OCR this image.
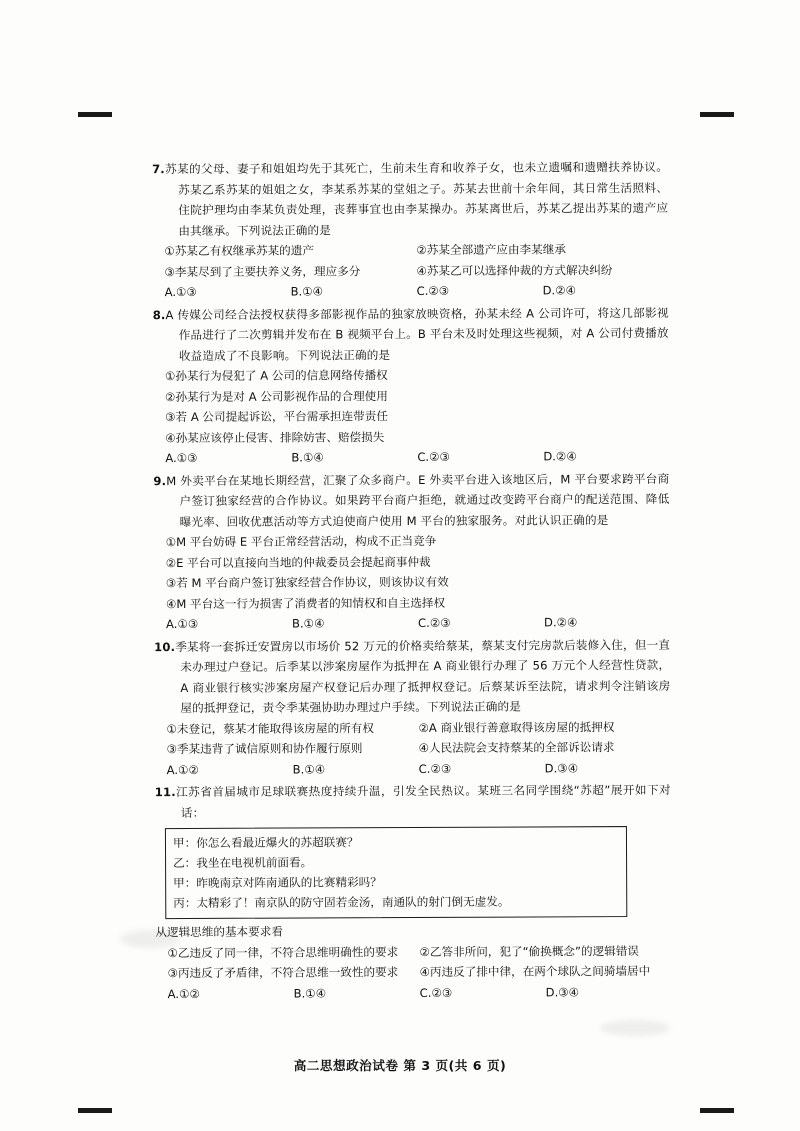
7.苏某的父母、妻子和姐姐均先于其死亡，生前未生育和收养子女，也未立遗嘱和遗赠扶养协议。苏某乙系苏某的姐姐之女，李某系苏某的堂姐之子。苏某去世前十余年间，其日常生活照料、住院护理均由李某负责处理，丧葬事宜也由李某操办。苏某离世后，苏某乙提出苏某的遗产应由其继承。下列说法正确的是
①苏某乙有权继承苏某的遗产	②苏某全部遗产应由李某继承
③李某尽到了主要扶养义务，理应多分	④苏某乙可以选择仲裁的方式解决纠纷
A.①③	B.①④	C.②③	D.②④
8.A 传媒公司经合法授权获得多部影视作品的独家放映资格，孙某未经 A 公司许可，将这几部影视作品进行了二次剪辑并发布在 B 视频平台上。B 平台未及时处理这些视频，对 A 公司付费播放收益造成了不良影响。下列说法正确的是
①孙某行为侵犯了 A 公司的信息网络传播权
②孙某行为是对 A 公司影视作品的合理使用
③若 A 公司提起诉讼，平台需承担连带责任
④孙某应该停止侵害、排除妨害、赔偿损失
A.①③	B.①④	C.②③	D.②④
9.M 外卖平台在某地长期经营，汇聚了众多商户。E 外卖平台进入该地区后，M 平台要求跨平台商户签订独家经营的合作协议。如果跨平台商户拒绝，就通过改变跨平台商户的配送范围、降低曝光率、回收优惠活动等方式迫使商户使用 M 平台的独家服务。对此认识正确的是
①M 平台妨碍 E 平台正常经营活动，构成不正当竞争
②E 平台可以直接向当地的仲裁委员会提起商事仲裁
③若 M 平台商户签订独家经营合作协议，则该协议有效
④M 平台这一行为损害了消费者的知情权和自主选择权
A.①③	B.①④	C.②③	D.②④
10.季某将一套拆迁安置房以市场价 52 万元的价格卖给蔡某，蔡某支付完房款后装修入住，但一直未办理过户登记。后季某以涉案房屋作为抵押在 A 商业银行办理了 56 万元个人经营性贷款，A 商业银行核实涉案房屋产权登记后办理了抵押权登记。后蔡某诉至法院，请求判令注销该房屋的抵押登记，责令季某强协助办理过户手续。下列说法正确的是
①未登记，蔡某才能取得该房屋的所有权	②A 商业银行善意取得该房屋的抵押权
③季某违背了诚信原则和协作履行原则	④人民法院会支持蔡某的全部诉讼请求
A.①②	B.①④	C.②③	D.③④
11.江苏省首届城市足球联赛热度持续升温，引发全民热议。某班三名同学围绕“苏超”展开如下对话：
甲：你怎么看最近爆火的苏超联赛？
乙：我坐在电视机前面看。
甲：昨晚南京对阵南通队的比赛精彩吗？
丙：太精彩了！南京队的防守固若金汤，南通队的射门倒无虚发。
从逻辑思维的基本要求看
①乙违反了同一律，不符合思维明确性的要求	②乙答非所问，犯了“偷换概念”的逻辑错误
③丙违反了矛盾律，不符合思维一致性的要求	④丙违反了排中律，在两个球队之间骑墙居中
A.①②	B.①④	C.②③	D.③④
高二思想政治试卷 第 3 页(共 6 页)
